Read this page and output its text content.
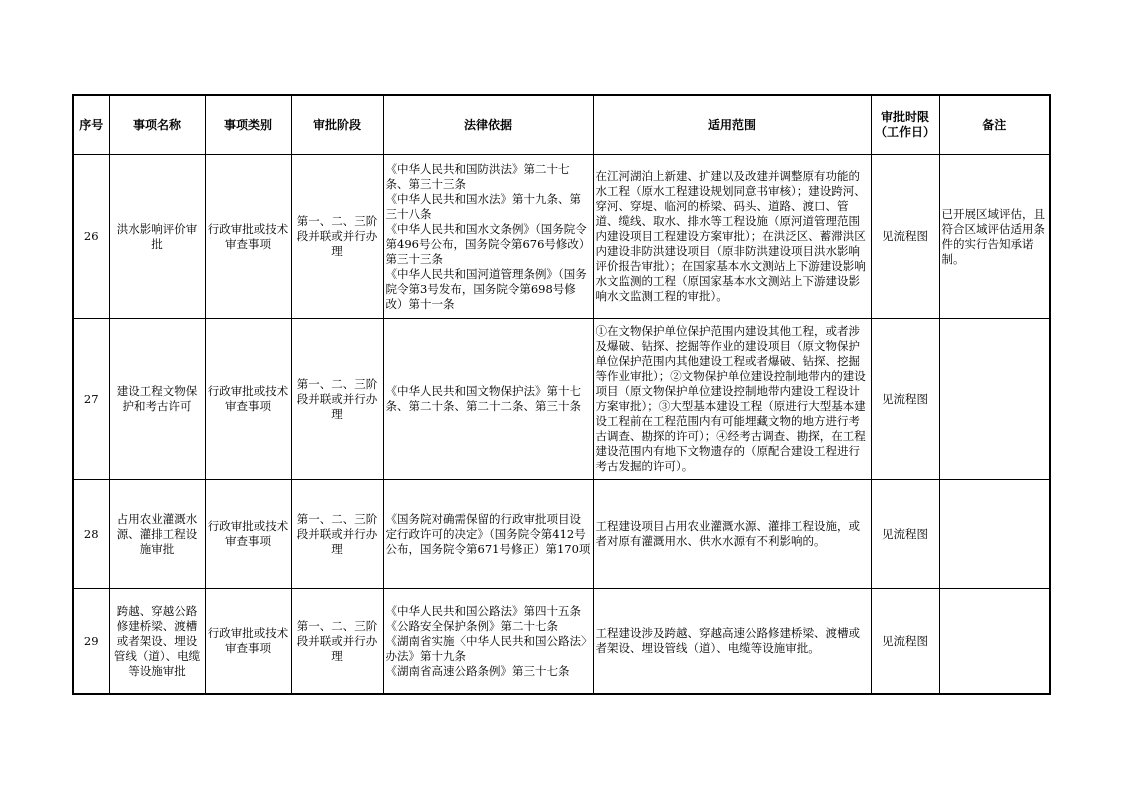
序号	事项名称	事项类别	审批阶段	法律依据	适用范围	审批时限（工作日）	备注
26	洪水影响评价审批	行政审批或技术审查事项	第一、二、三阶段并联或并行办理	《中华人民共和国防洪法》第二十七条、第三十三条
《中华人民共和国水法》第十九条、第三十八条
《中华人民共和国水文条例》（国务院令第496号公布，国务院令第676号修改）第三十三条
《中华人民共和国河道管理条例》（国务院令第3号发布，国务院令第698号修改）第十一条	在江河湖泊上新建、扩建以及改建并调整原有功能的水工程（原水工程建设规划同意书审核）；建设跨河、穿河、穿堤、临河的桥梁、码头、道路、渡口、管道、缆线、取水、排水等工程设施（原河道管理范围内建设项目工程建设方案审批）；在洪泛区、蓄滞洪区内建设非防洪建设项目（原非防洪建设项目洪水影响评价报告审批）；在国家基本水文测站上下游建设影响水文监测的工程（原国家基本水文测站上下游建设影响水文监测工程的审批）。	见流程图	已开展区域评估，且符合区域评估适用条件的实行告知承诺制。
27	建设工程文物保护和考古许可	行政审批或技术审查事项	第一、二、三阶段并联或并行办理	《中华人民共和国文物保护法》第十七条、第二十条、第二十二条、第三十条	①在文物保护单位保护范围内建设其他工程，或者涉及爆破、钻探、挖掘等作业的建设项目（原文物保护单位保护范围内其他建设工程或者爆破、钻探、挖掘等作业审批）；②文物保护单位建设控制地带内的建设项目（原文物保护单位建设控制地带内建设工程设计方案审批）；③大型基本建设工程（原进行大型基本建设工程前在工程范围内有可能埋藏文物的地方进行考古调查、勘探的许可）；④经考古调查、勘探，在工程建设范围内有地下文物遗存的（原配合建设工程进行考古发掘的许可）。	见流程图	
28	占用农业灌溉水源、灌排工程设施审批	行政审批或技术审查事项	第一、二、三阶段并联或并行办理	《国务院对确需保留的行政审批项目设定行政许可的决定》（国务院令第412号公布，国务院令第671号修正）第170项	工程建设项目占用农业灌溉水源、灌排工程设施，或者对原有灌溉用水、供水水源有不利影响的。	见流程图	
29	跨越、穿越公路修建桥梁、渡槽或者架设、埋设管线（道）、电缆等设施审批	行政审批或技术审查事项	第一、二、三阶段并联或并行办理	《中华人民共和国公路法》第四十五条
《公路安全保护条例》第二十七条
《湖南省实施〈中华人民共和国公路法〉办法》第十九条
《湖南省高速公路条例》第三十七条	工程建设涉及跨越、穿越高速公路修建桥梁、渡槽或者架设、埋设管线（道）、电缆等设施审批。	见流程图	
